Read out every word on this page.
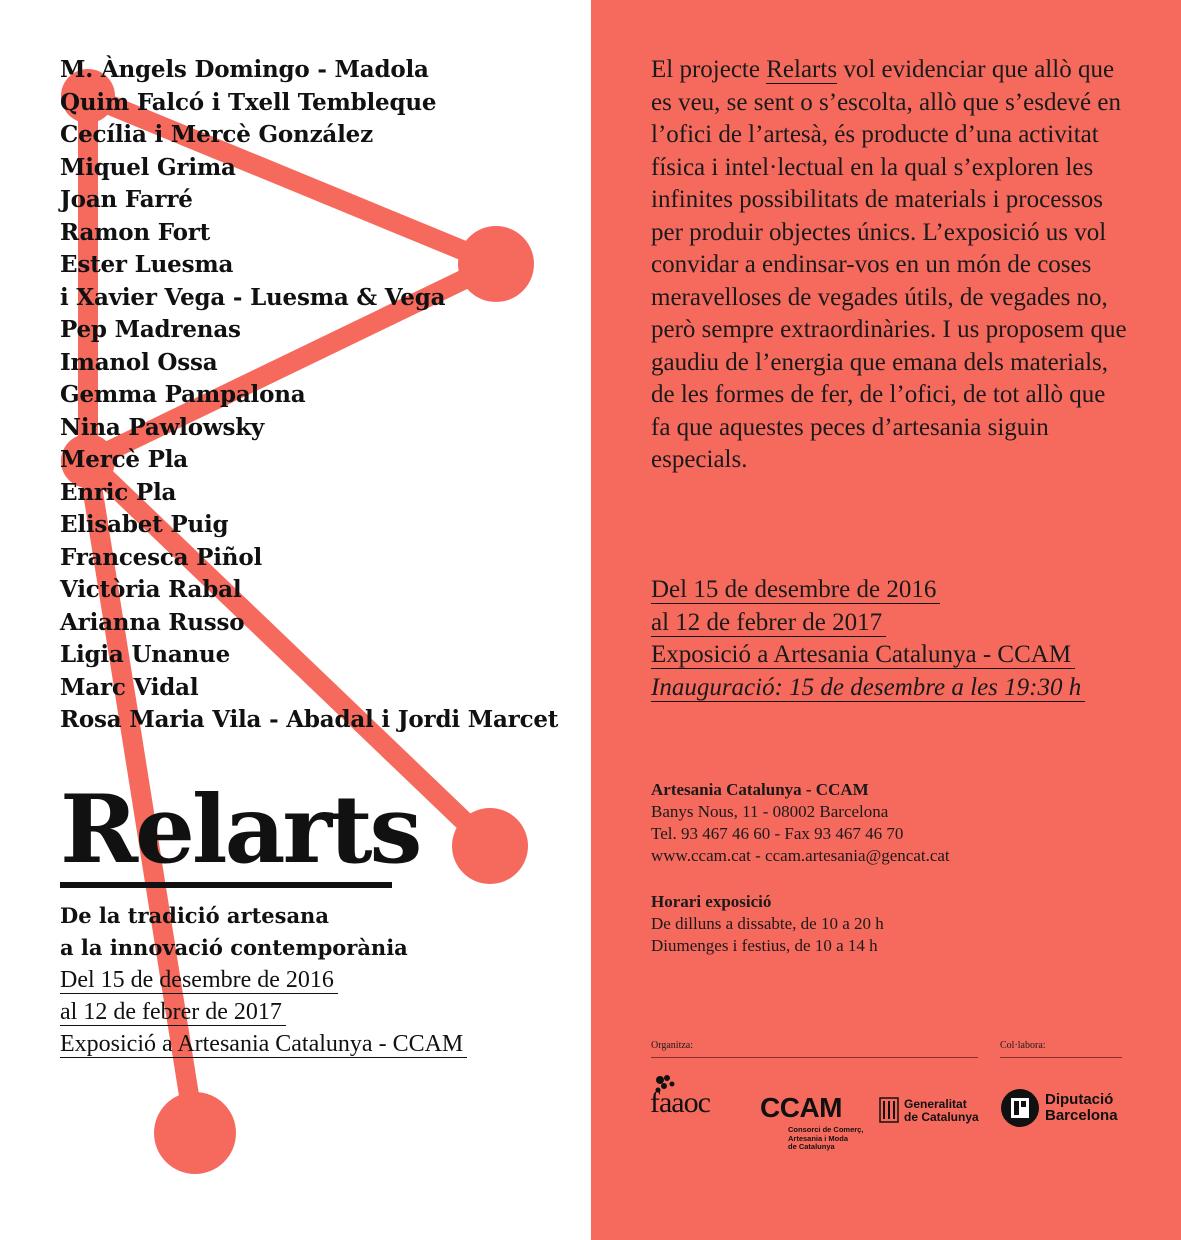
M. Àngels Domingo - Madola
Quim Falcó i Txell Tembleque
Cecília i Mercè González
Miquel Grima
Joan Farré
Ramon Fort
Ester Luesma
i Xavier Vega - Luesma & Vega
Pep Madrenas
Imanol Ossa
Gemma Pampalona
Nina Pawlowsky
Mercè Pla
Enric Pla
Elisabet Puig
Francesca Piñol
Victòria Rabal
Arianna Russo
Ligia Unanue
Marc Vidal
Rosa Maria Vila - Abadal i Jordi Marcet
Relarts
De la tradició artesana
a la innovació contemporània
Del 15 de desembre de 2016
al 12 de febrer de 2017
Exposició a Artesania Catalunya - CCAM

El projecte Relarts vol evidenciar que allò que es veu, se sent o s’escolta, allò que s’esdevé en l’ofici de l’artesà, és producte d’una activitat física i intel·lectual en la qual s’exploren les infinites possibilitats de materials i processos per produir objectes únics. L’exposició us vol convidar a endinsar-vos en un món de coses meravelloses de vegades útils, de vegades no, però sempre extraordinàries. I us proposem que gaudiu de l’energia que emana dels materials, de les formes de fer, de l’ofici, de tot allò que fa que aquestes peces d’artesania siguin especials.

Del 15 de desembre de 2016
al 12 de febrer de 2017
Exposició a Artesania Catalunya - CCAM
Inauguració: 15 de desembre a les 19:30 h
Artesania Catalunya - CCAM
Banys Nous, 11 - 08002 Barcelona
Tel. 93 467 46 60 - Fax 93 467 46 70
www.ccam.cat - ccam.artesania@gencat.cat
Horari exposició
De dilluns a dissabte, de 10 a 20 h
Diumenges i festius, de 10 a 14 h
Organitza:	Col·labora:
faaoc CCAM
Consorci de Comerç,
Artesania i Moda
de Catalunya
Generalitat
de Catalunya
Diputació
Barcelona
